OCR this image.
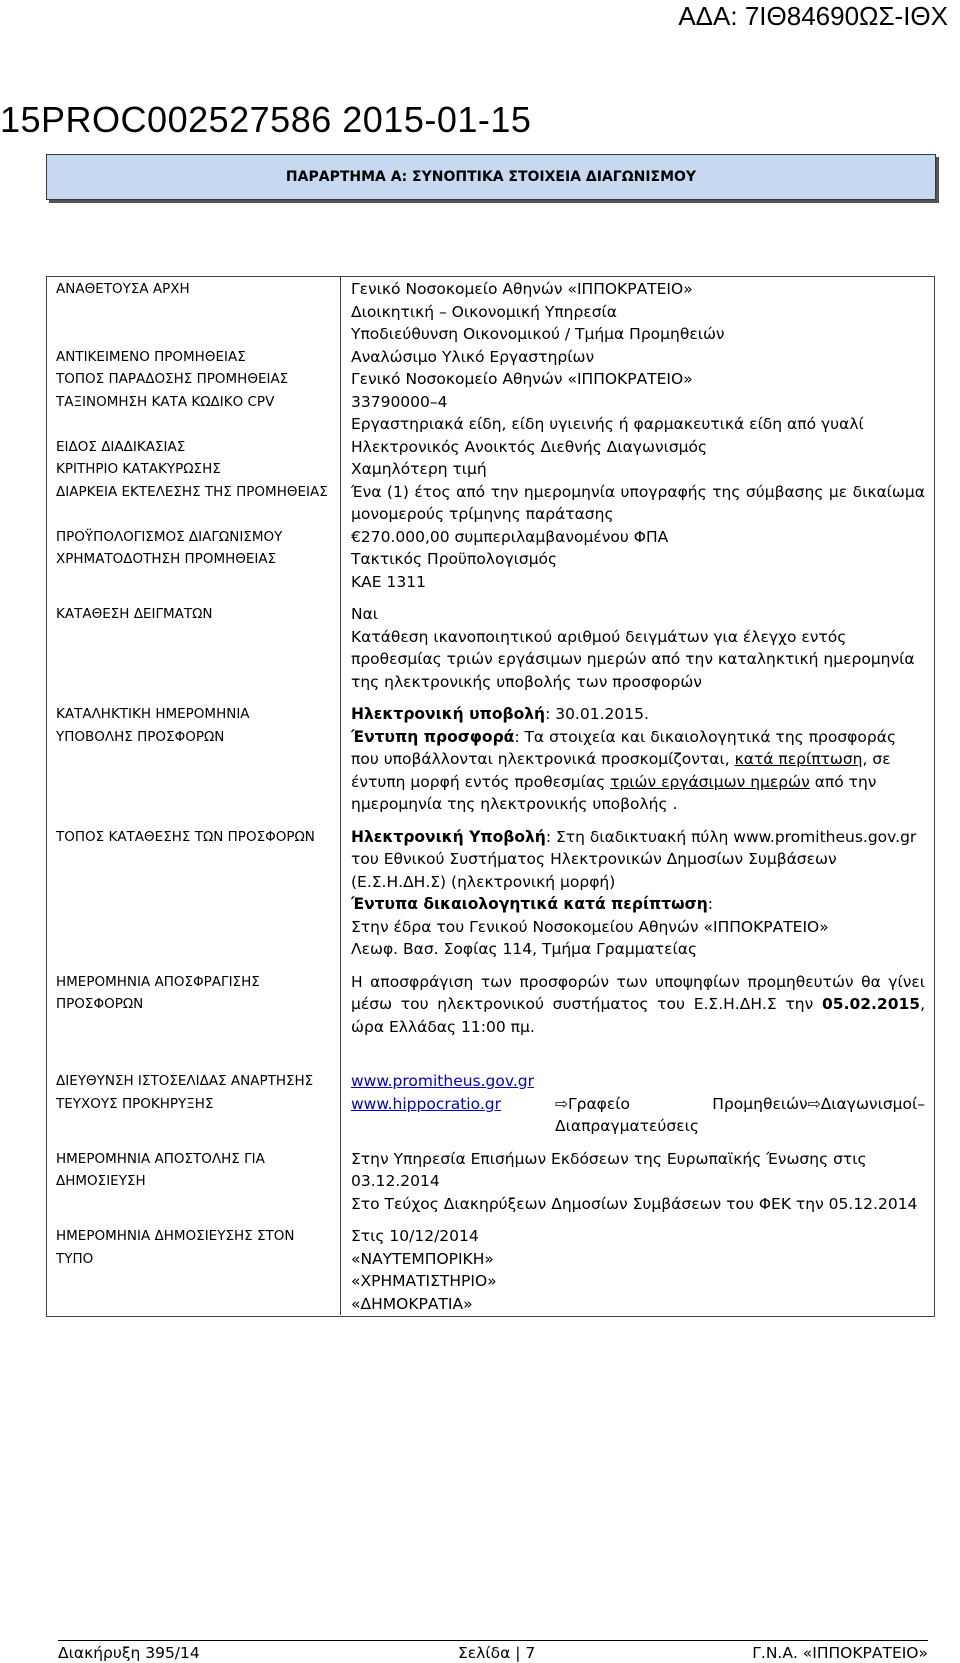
ΑΔΑ: 7ΙΘ84690ΩΣ-ΙΘΧ
15PROC002527586 2015-01-15
ΠΑΡΑΡΤΗΜΑ Α: ΣΥΝΟΠΤΙΚΑ ΣΤΟΙΧΕΙΑ ΔΙΑΓΩΝΙΣΜΟΥ
ΑΝΑΘΕΤΟΥΣΑ ΑΡΧΗ	Γενικό Νοσοκομείο Αθηνών «ΙΠΠΟΚΡΑΤΕΙΟ»
Διοικητική – Οικονομική Υπηρεσία
Υποδιεύθυνση Οικονομικού / Τμήμα Προμηθειών

ΑΝΤΙΚΕΙΜΕΝΟ ΠΡΟΜΗΘΕΙΑΣ	Αναλώσιμο Υλικό Εργαστηρίων
ΤΟΠΟΣ ΠΑΡΑΔΟΣΗΣ ΠΡΟΜΗΘΕΙΑΣ	Γενικό Νοσοκομείο Αθηνών «ΙΠΠΟΚΡΑΤΕΙΟ»
ΤΑΞΙΝΟΜΗΣΗ ΚΑΤΑ ΚΩΔΙΚΟ CPV	33790000–4
Εργαστηριακά είδη, είδη υγιεινής ή φαρμακευτικά είδη από γυαλί

ΕΙΔΟΣ ΔΙΑΔΙΚΑΣΙΑΣ	Ηλεκτρονικός Ανοικτός Διεθνής Διαγωνισμός
ΚΡΙΤΗΡΙΟ ΚΑΤΑΚΥΡΩΣΗΣ	Χαμηλότερη τιμή
ΔΙΑΡΚΕΙΑ ΕΚΤΕΛΕΣΗΣ ΤΗΣ ΠΡΟΜΗΘΕΙΑΣ	Ένα (1) έτος από την ημερομηνία υπογραφής της σύμβασης με δικαίωμα μονομερούς τρίμηνης παράτασης
ΠΡΟΫΠΟΛΟΓΙΣΜΟΣ ΔΙΑΓΩΝΙΣΜΟΥ	€270.000,00 συμπεριλαμβανομένου ΦΠΑ
ΧΡΗΜΑΤΟΔΟΤΗΣΗ ΠΡΟΜΗΘΕΙΑΣ	Τακτικός Προϋπολογισμός
ΚΑΕ 1311

ΚΑΤΑΘΕΣΗ ΔΕΙΓΜΑΤΩΝ	Ναι
Κατάθεση ικανοποιητικού αριθμού δειγμάτων για έλεγχο εντός προθεσμίας τριών εργάσιμων ημερών από την καταληκτική ημερομηνία της ηλεκτρονικής υποβολής των προσφορών

ΚΑΤΑΛΗΚΤΙΚΗ ΗΜΕΡΟΜΗΝΙΑ ΥΠΟΒΟΛΗΣ ΠΡΟΣΦΟΡΩΝ	Ηλεκτρονική υποβολή: 30.01.2015.
Έντυπη προσφορά: Τα στοιχεία και δικαιολογητικά της προσφοράς που υποβάλλονται ηλεκτρονικά προσκομίζονται, κατά περίπτωση, σε έντυπη μορφή εντός προθεσμίας τριών εργάσιμων ημερών από την ημερομηνία της ηλεκτρονικής υποβολής .

ΤΟΠΟΣ ΚΑΤΑΘΕΣΗΣ ΤΩΝ ΠΡΟΣΦΟΡΩΝ	Ηλεκτρονική Υποβολή: Στη διαδικτυακή πύλη www.promitheus.gov.gr του Εθνικού Συστήματος Ηλεκτρονικών Δημοσίων Συμβάσεων (Ε.Σ.Η.ΔΗ.Σ) (ηλεκτρονική μορφή)
Έντυπα δικαιολογητικά κατά περίπτωση:
Στην έδρα του Γενικού Νοσοκομείου Αθηνών «ΙΠΠΟΚΡΑΤΕΙΟ»
Λεωφ. Βασ. Σοφίας 114, Τμήμα Γραμματείας

ΗΜΕΡΟΜΗΝΙΑ ΑΠΟΣΦΡΑΓΙΣΗΣ ΠΡΟΣΦΟΡΩΝ	Η αποσφράγιση των προσφορών των υποψηφίων προμηθευτών θα γίνει μέσω του ηλεκτρονικού συστήματος του Ε.Σ.Η.ΔΗ.Σ την 05.02.2015, ώρα Ελλάδας 11:00 πμ.

ΔΙΕΥΘΥΝΣΗ ΙΣΤΟΣΕΛΙΔΑΣ ΑΝΑΡΤΗΣΗΣ ΤΕΥΧΟΥΣ ΠΡΟΚΗΡΥΞΗΣ	www.promitheus.gov.gr
www.hippocratio.gr ⇨Γραφείο Προμηθειών⇨Διαγωνισμοί– Διαπραγματεύσεις

ΗΜΕΡΟΜΗΝΙΑ ΑΠΟΣΤΟΛΗΣ ΓΙΑ ΔΗΜΟΣΙΕΥΣΗ	Στην Υπηρεσία Επισήμων Εκδόσεων της Ευρωπαϊκής Ένωσης στις 03.12.2014
Στο Τεύχος Διακηρύξεων Δημοσίων Συμβάσεων του ΦΕΚ την 05.12.2014

ΗΜΕΡΟΜΗΝΙΑ ΔΗΜΟΣΙΕΥΣΗΣ ΣΤΟΝ ΤΥΠΟ	Στις 10/12/2014
«ΝΑΥΤΕΜΠΟΡΙΚΗ»
«ΧΡΗΜΑΤΙΣΤΗΡΙΟ»
«ΔΗΜΟΚΡΑΤΙΑ»
Διακήρυξη 395/14	Σελίδα | 7	Γ.Ν.Α. «ΙΠΠΟΚΡΑΤΕΙΟ»
